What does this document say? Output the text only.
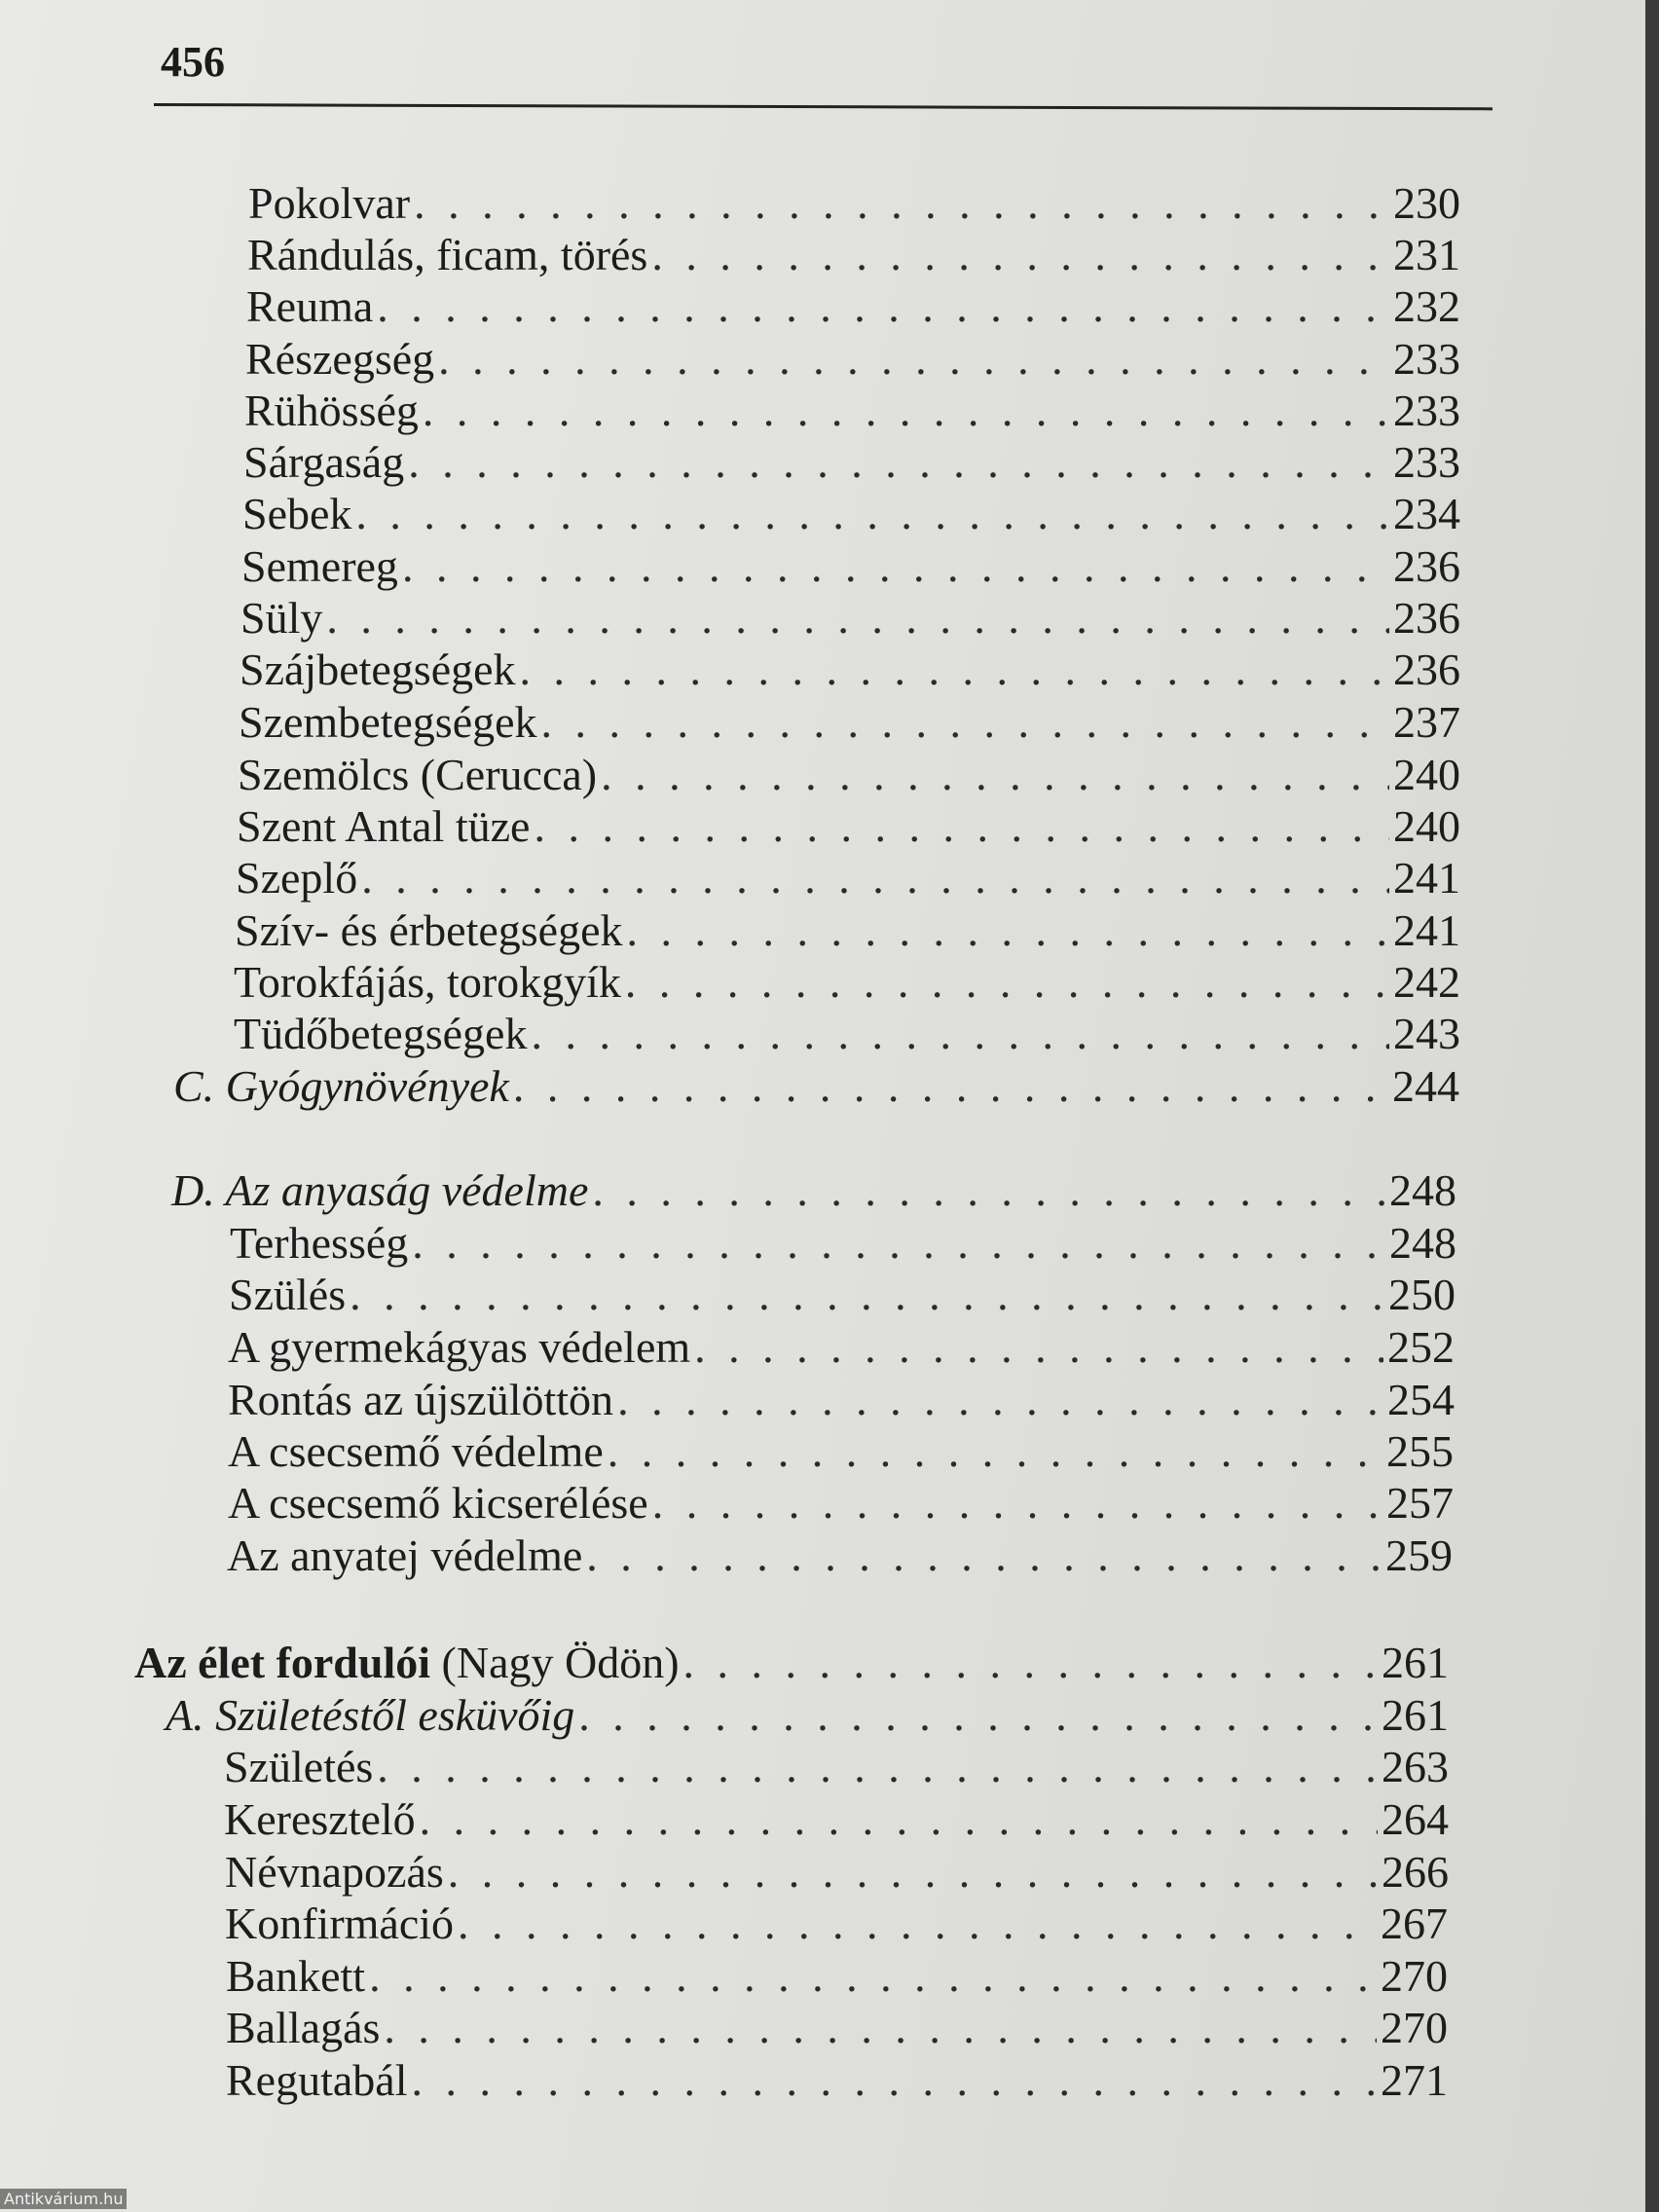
456
Pokolvar . . .	230
Rándulás, ficam, törés . . .	231
Reuma . . .	232
Részegség . . .	233
Rühösség . . .	233
Sárgaság . . .	233
Sebek . . .	234
Semereg . . .	236
Süly . . .	236
Szájbetegségek . . .	236
Szembetegségek . . .	237
Szemölcs (Cerucca) . . .	240
Szent Antal tüze . . .	240
Szeplő . . .	241
Szív- és érbetegségek . . .	241
Torokfájás, torokgyík . . .	242
Tüdőbetegségek . . .	243
C. Gyógynövények . . .	244
D. Az anyaság védelme . . .	248
Terhesség . . .	248
Szülés . . .	250
A gyermekágyas védelem . . .	252
Rontás az újszülöttön . . .	254
A csecsemő védelme . . .	255
A csecsemő kicserélése . . .	257
Az anyatej védelme . . .	259
Az élet fordulói (Nagy Ödön) . . .	261
A. Születéstől esküvőig . . .	261
Születés . . .	263
Keresztelő . . .	264
Névnapozás . . .	266
Konfirmáció . . .	267
Bankett . . .	270
Ballagás . . .	270
Regutabál . . .	271
Antikvárium.hu
